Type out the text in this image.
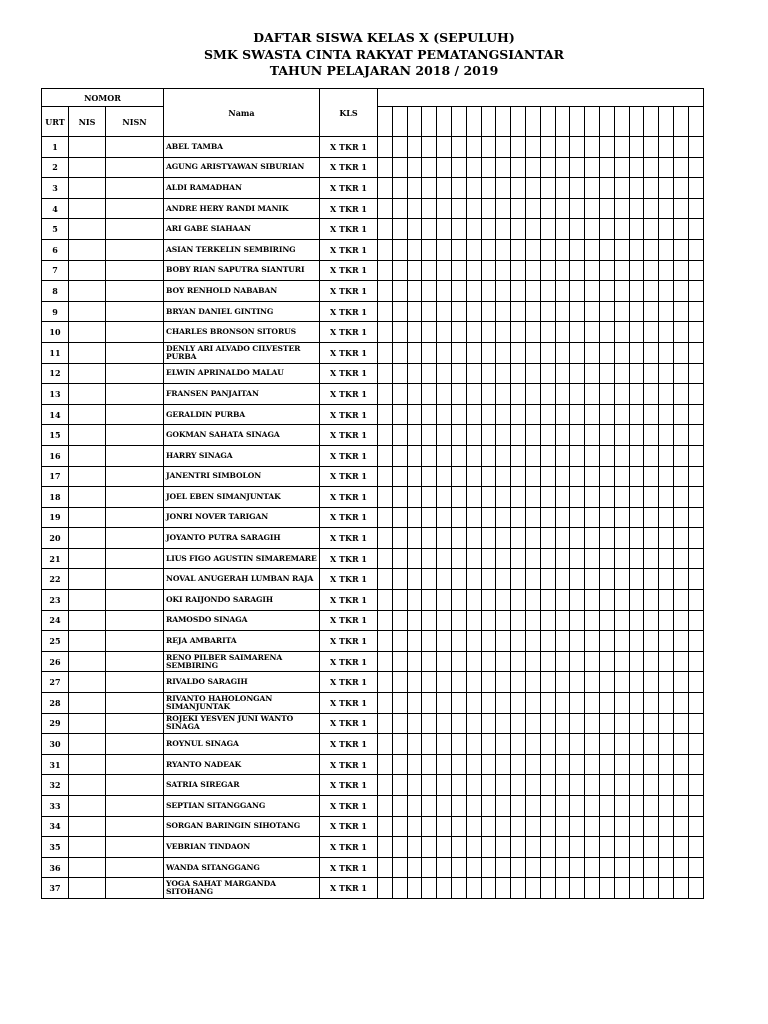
DAFTAR SISWA KELAS X (SEPULUH)
SMK SWASTA CINTA RAKYAT PEMATANGSIANTAR
TAHUN PELAJARAN 2018 / 2019
NOMOR			Nama	KLS																						
URT	NIS	NISN																								
1			ABEL TAMBA	X TKR 1																						
2			AGUNG ARISTYAWAN SIBURIAN	X TKR 1																						
3			ALDI RAMADHAN	X TKR 1																						
4			ANDRE HERY RANDI MANIK	X TKR 1																						
5			ARI GABE SIAHAAN	X TKR 1																						
6			ASIAN TERKELIN SEMBIRING	X TKR 1																						
7			BOBY RIAN SAPUTRA SIANTURI	X TKR 1																						
8			BOY RENHOLD NABABAN	X TKR 1																						
9			BRYAN DANIEL GINTING	X TKR 1																						
10			CHARLES BRONSON SITORUS	X TKR 1																						
11			DENLY ARI ALVADO CILVESTER PURBA	X TKR 1																						
12			ELWIN APRINALDO MALAU	X TKR 1																						
13			FRANSEN PANJAITAN	X TKR 1																						
14			GERALDIN PURBA	X TKR 1																						
15			GOKMAN SAHATA SINAGA	X TKR 1																						
16			HARRY SINAGA	X TKR 1																						
17			JANENTRI SIMBOLON	X TKR 1																						
18			JOEL EBEN SIMANJUNTAK	X TKR 1																						
19			JONRI NOVER TARIGAN	X TKR 1																						
20			JOYANTO PUTRA SARAGIH	X TKR 1																						
21			LIUS FIGO AGUSTIN SIMAREMARE	X TKR 1																						
22			NOVAL ANUGERAH LUMBAN RAJA	X TKR 1																						
23			OKI RAIJONDO SARAGIH	X TKR 1																						
24			RAMOSDO SINAGA	X TKR 1																						
25			REJA AMBARITA	X TKR 1																						
26			RENO PILBER SAIMARENA SEMBIRING	X TKR 1																						
27			RIVALDO SARAGIH	X TKR 1																						
28			RIVANTO HAHOLONGAN SIMANJUNTAK	X TKR 1																						
29			ROJEKI YESVEN JUNI WANTO SINAGA	X TKR 1																						
30			ROYNUL SINAGA	X TKR 1																						
31			RYANTO NADEAK	X TKR 1																						
32			SATRIA SIREGAR	X TKR 1																						
33			SEPTIAN SITANGGANG	X TKR 1																						
34			SORGAN BARINGIN SIHOTANG	X TKR 1																						
35			VEBRIAN TINDAON	X TKR 1																						
36			WANDA SITANGGANG	X TKR 1																						
37			YOGA SAHAT MARGANDA SITOHANG	X TKR 1																						
